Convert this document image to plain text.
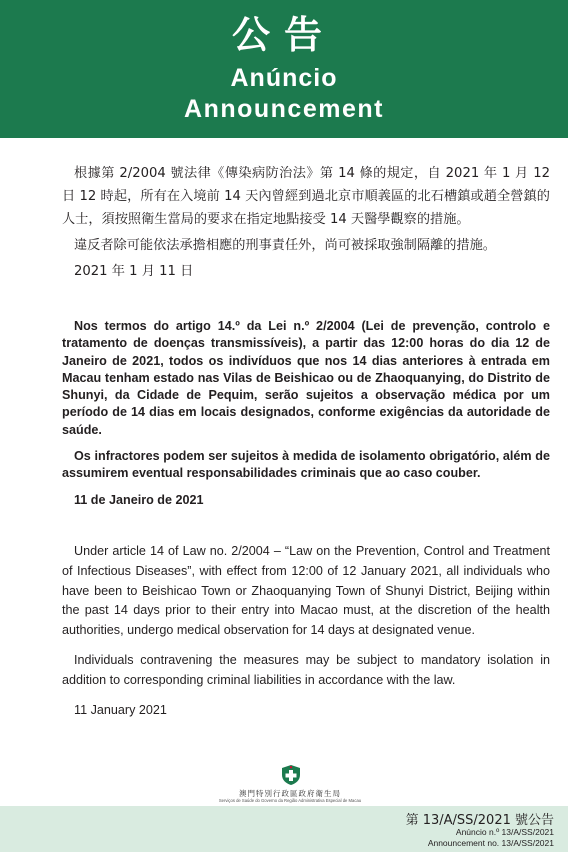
公告
Anúncio
Announcement

根據第 2/2004 號法律《傳染病防治法》第 14 條的規定，自 2021 年 1 月 12 日 12 時起，所有在入境前 14 天內曾經到過北京市順義區的北石槽鎮或趙全營鎮的人士，須按照衛生當局的要求在指定地點接受 14 天醫學觀察的措施。

違反者除可能依法承擔相應的刑事責任外，尚可被採取強制隔離的措施。

2021 年 1 月 11 日

Nos termos do artigo 14.º da Lei n.º 2/2004 (Lei de prevenção, controlo e tratamento de doenças transmissíveis), a partir das 12:00 horas do dia 12 de Janeiro de 2021, todos os indivíduos que nos 14 dias anteriores à entrada em Macau tenham estado nas Vilas de Beishicao ou de Zhaoquanying, do Distrito de Shunyi, da Cidade de Pequim, serão sujeitos a observação médica por um período de 14 dias em locais designados, conforme exigências da autoridade de saúde.

Os infractores podem ser sujeitos à medida de isolamento obrigatório, além de assumirem eventual responsabilidades criminais que ao caso couber.

11 de Janeiro de 2021

Under article 14 of Law no. 2/2004 – “Law on the Prevention, Control and Treatment of Infectious Diseases”, with effect from 12:00 of 12 January 2021, all individuals who have been to Beishicao Town or Zhaoquanying Town of Shunyi District, Beijing within the past 14 days prior to their entry into Macao must, at the discretion of the health authorities, undergo medical observation for 14 days at designated venue.

Individuals contravening the measures may be subject to mandatory isolation in addition to corresponding criminal liabilities in accordance with the law.

11 January 2021

澳門特別行政區政府衛生局
Serviços de Saúde do Governo da Região Administrativa Especial de Macau
第 13/A/SS/2021 號公告
Anúncio n.º 13/A/SS/2021
Announcement no. 13/A/SS/2021
